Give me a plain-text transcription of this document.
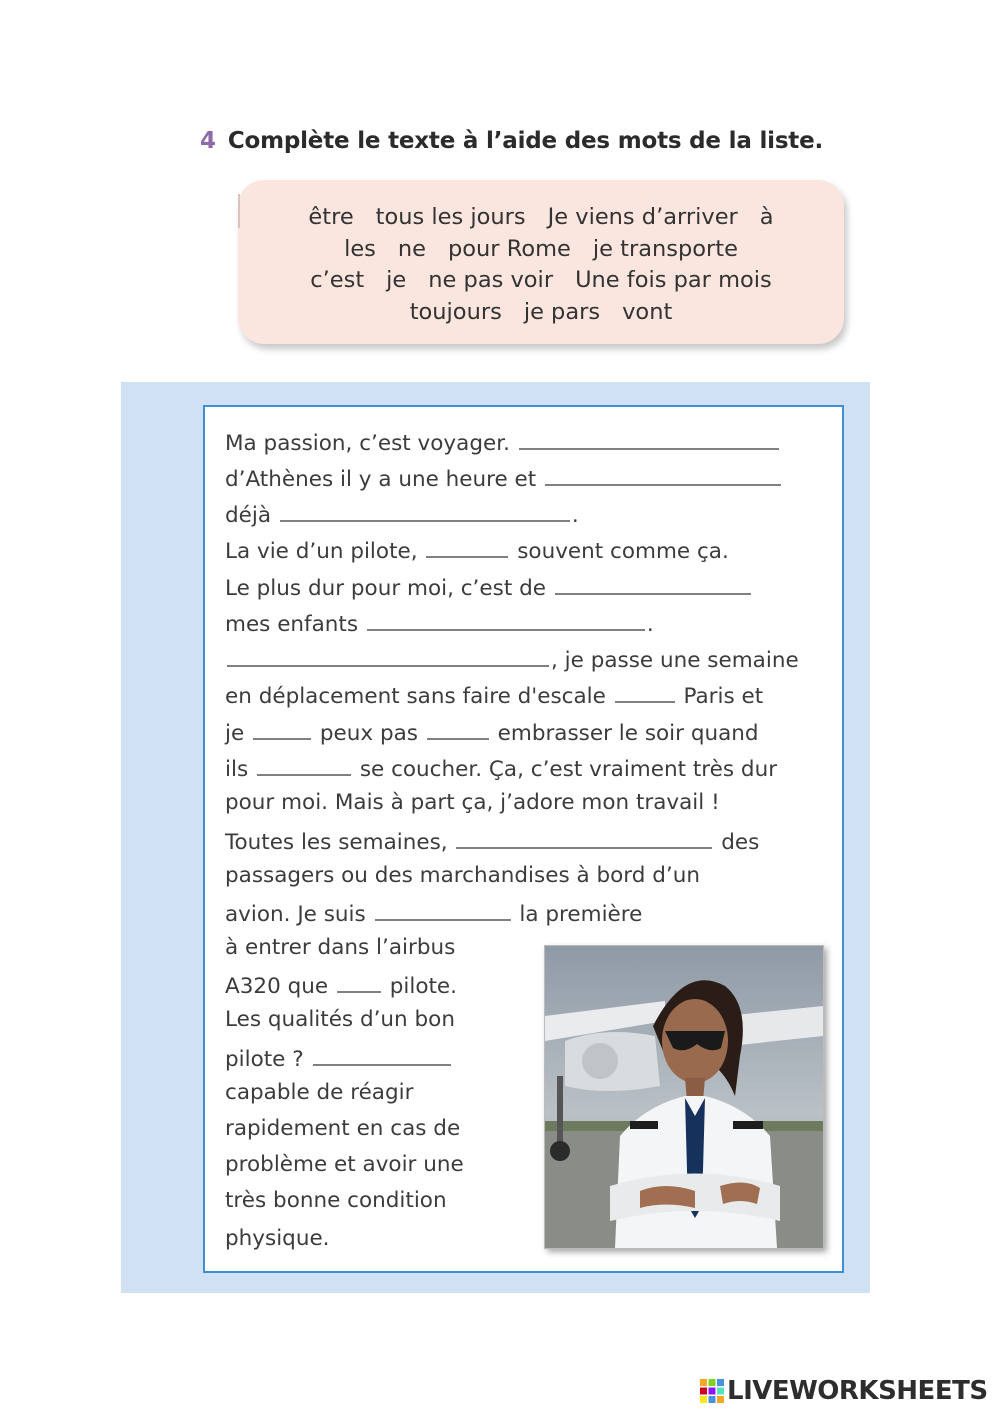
4 Complète le texte à l’aide des mots de la liste.
être tous les jours Je viens d’arriver à
les ne pour Rome je transporte
c’est je ne pas voir Une fois par mois
toujours je pars vont
Ma passion, c’est voyager.
d’Athènes il y a une heure et
déjà	.
La vie d’un pilote,	souvent comme ça.
Le plus dur pour moi, c’est de
mes enfants	.
, je passe une semaine
en déplacement sans faire d'escale	Paris et
je	peux pas	embrasser le soir quand
ils	se coucher. Ça, c’est vraiment très dur
pour moi. Mais à part ça, j’adore mon travail !
Toutes les semaines,	des
passagers ou des marchandises à bord d’un
avion. Je suis	la première
à entrer dans l’airbus
A320 que  pilote.
Les qualités d’un bon
pilote ?
capable de réagir
rapidement en cas de
problème et avoir une
très bonne condition
physique.
LIVEWORKSHEETS
